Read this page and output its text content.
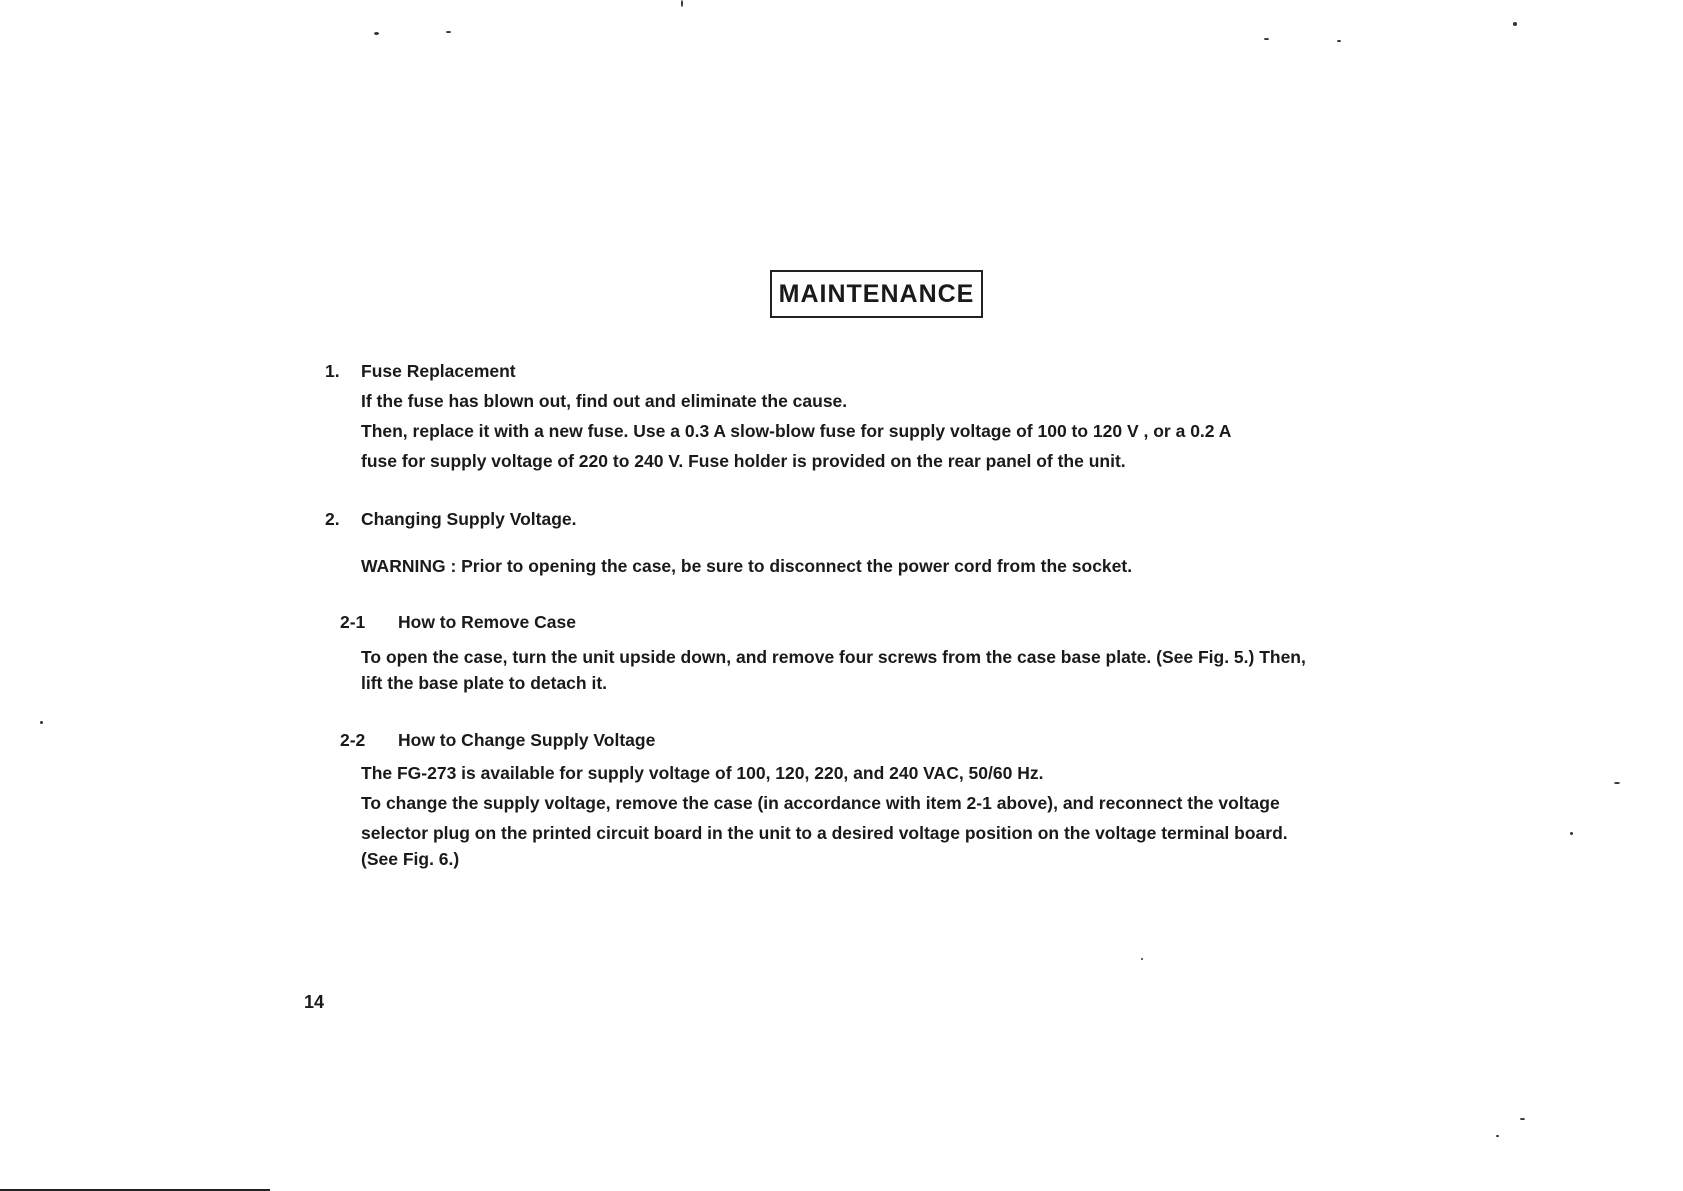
MAINTENANCE
1. Fuse Replacement
If the fuse has blown out, find out and eliminate the cause.
Then, replace it with a new fuse. Use a 0.3 A slow-blow fuse for supply voltage of 100 to 120 V , or a 0.2 A
fuse for supply voltage of 220 to 240 V. Fuse holder is provided on the rear panel of the unit.
2. Changing Supply Voltage.
WARNING : Prior to opening the case, be sure to disconnect the power cord from the socket.
2-1 How to Remove Case
To open the case, turn the unit upside down, and remove four screws from the case base plate. (See Fig. 5.) Then,
lift the base plate to detach it.
2-2 How to Change Supply Voltage
The FG-273 is available for supply voltage of 100, 120, 220, and 240 VAC, 50/60 Hz.
To change the supply voltage, remove the case (in accordance with item 2-1 above), and reconnect the voltage
selector plug on the printed circuit board in the unit to a desired voltage position on the voltage terminal board.
(See Fig. 6.)
14
